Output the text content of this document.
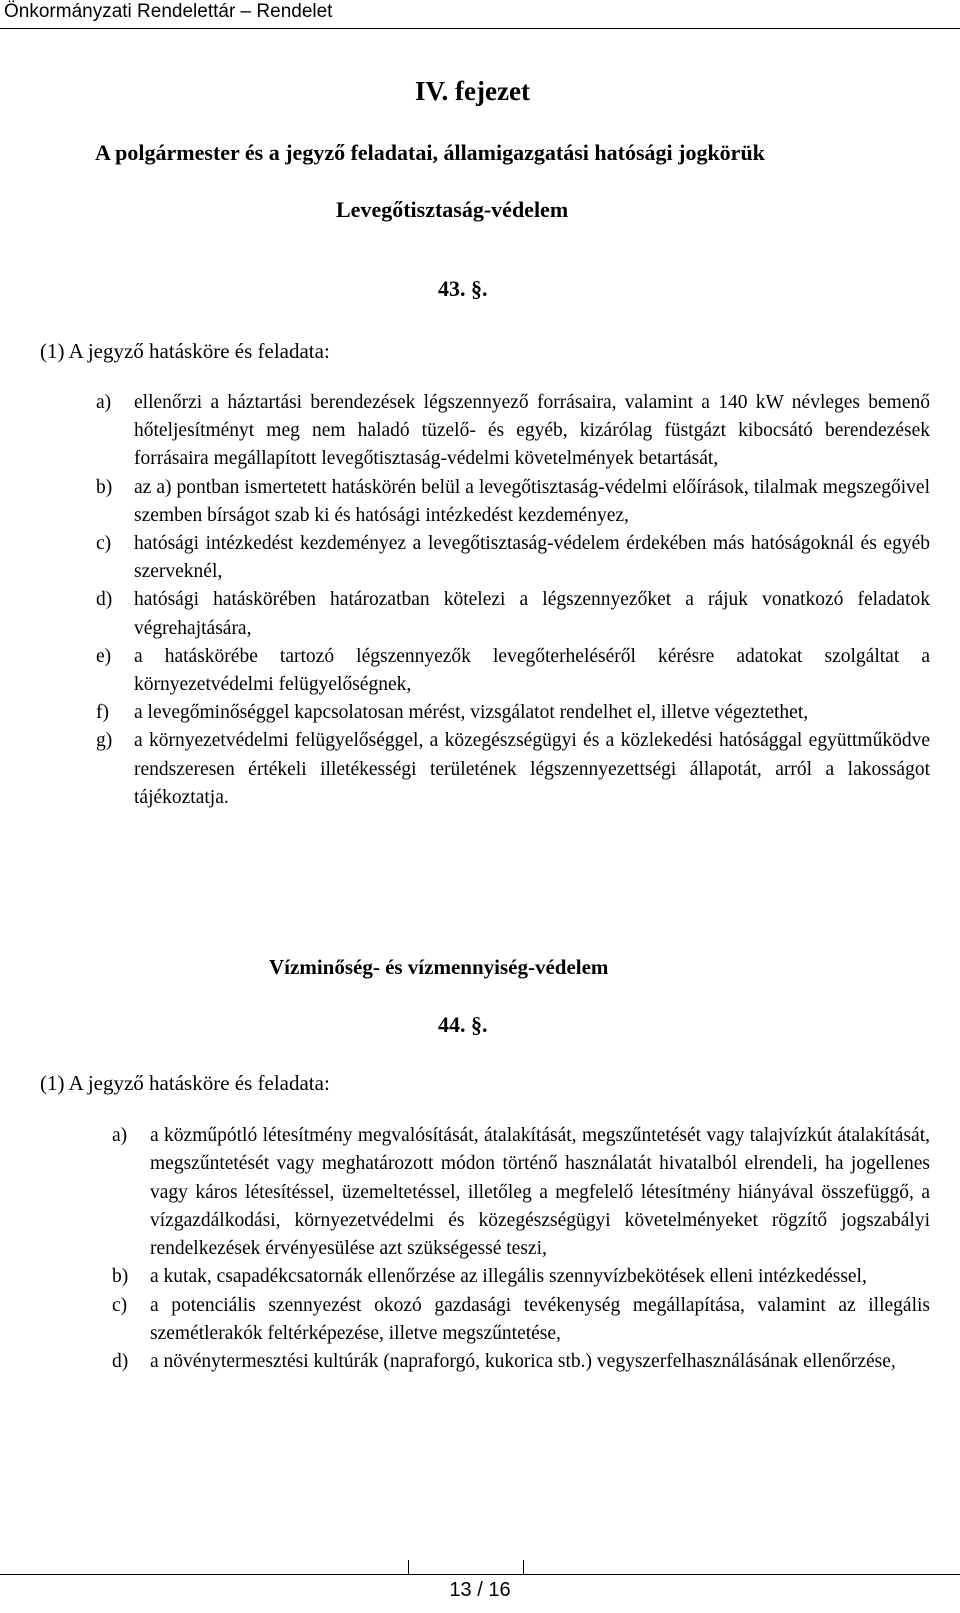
Önkormányzati Rendelettár – Rendelet
IV. fejezet
A polgármester és a jegyző feladatai, államigazgatási hatósági jogkörük
Levegőtisztaság-védelem
43. §.
(1) A jegyző hatásköre és feladata:
a) ellenőrzi a háztartási berendezések légszennyező forrásaira, valamint a 140 kW névleges bemenő hőteljesítményt meg nem haladó tüzelő- és egyéb, kizárólag füstgázt kibocsátó berendezések forrásaira megállapított levegőtisztaság-védelmi követelmények betartását,
b) az a) pontban ismertetett hatáskörén belül a levegőtisztaság-védelmi előírások, tilalmak megszegőivel szemben bírságot szab ki és hatósági intézkedést kezdeményez,
c) hatósági intézkedést kezdeményez a levegőtisztaság-védelem érdekében más hatóságoknál és egyéb szerveknél,
d) hatósági hatáskörében határozatban kötelezi a légszennyezőket a rájuk vonatkozó feladatok végrehajtására,
e) a hatáskörébe tartozó légszennyezők levegőterheléséről kérésre adatokat szolgáltat a környezetvédelmi felügyelőségnek,
f) a levegőminőséggel kapcsolatosan mérést, vizsgálatot rendelhet el, illetve végeztethet,
g) a környezetvédelmi felügyelőséggel, a közegészségügyi és a közlekedési hatósággal együttműködve rendszeresen értékeli illetékességi területének légszennyezettségi állapotát, arról a lakosságot tájékoztatja.
Vízminőség- és vízmennyiség-védelem
44. §.
(1) A jegyző hatásköre és feladata:
a) a közműpótló létesítmény megvalósítását, átalakítását, megszűntetését vagy talajvízkút átalakítását, megszűntetését vagy meghatározott módon történő használatát hivatalból elrendeli, ha jogellenes vagy káros létesítéssel, üzemeltetéssel, illetőleg a megfelelő létesítmény hiányával összefüggő, a vízgazdálkodási, környezetvédelmi és közegészségügyi követelményeket rögzítő jogszabályi rendelkezések érvényesülése azt szükségessé teszi,
b) a kutak, csapadékcsatornák ellenőrzése az illegális szennyvízbekötések elleni intézkedéssel,
c) a potenciális szennyezést okozó gazdasági tevékenység megállapítása, valamint az illegális szemétlerakók feltérképezése, illetve megszűntetése,
d) a növénytermesztési kultúrák (napraforgó, kukorica stb.) vegyszerfelhasználásának ellenőrzése,
13 / 16
